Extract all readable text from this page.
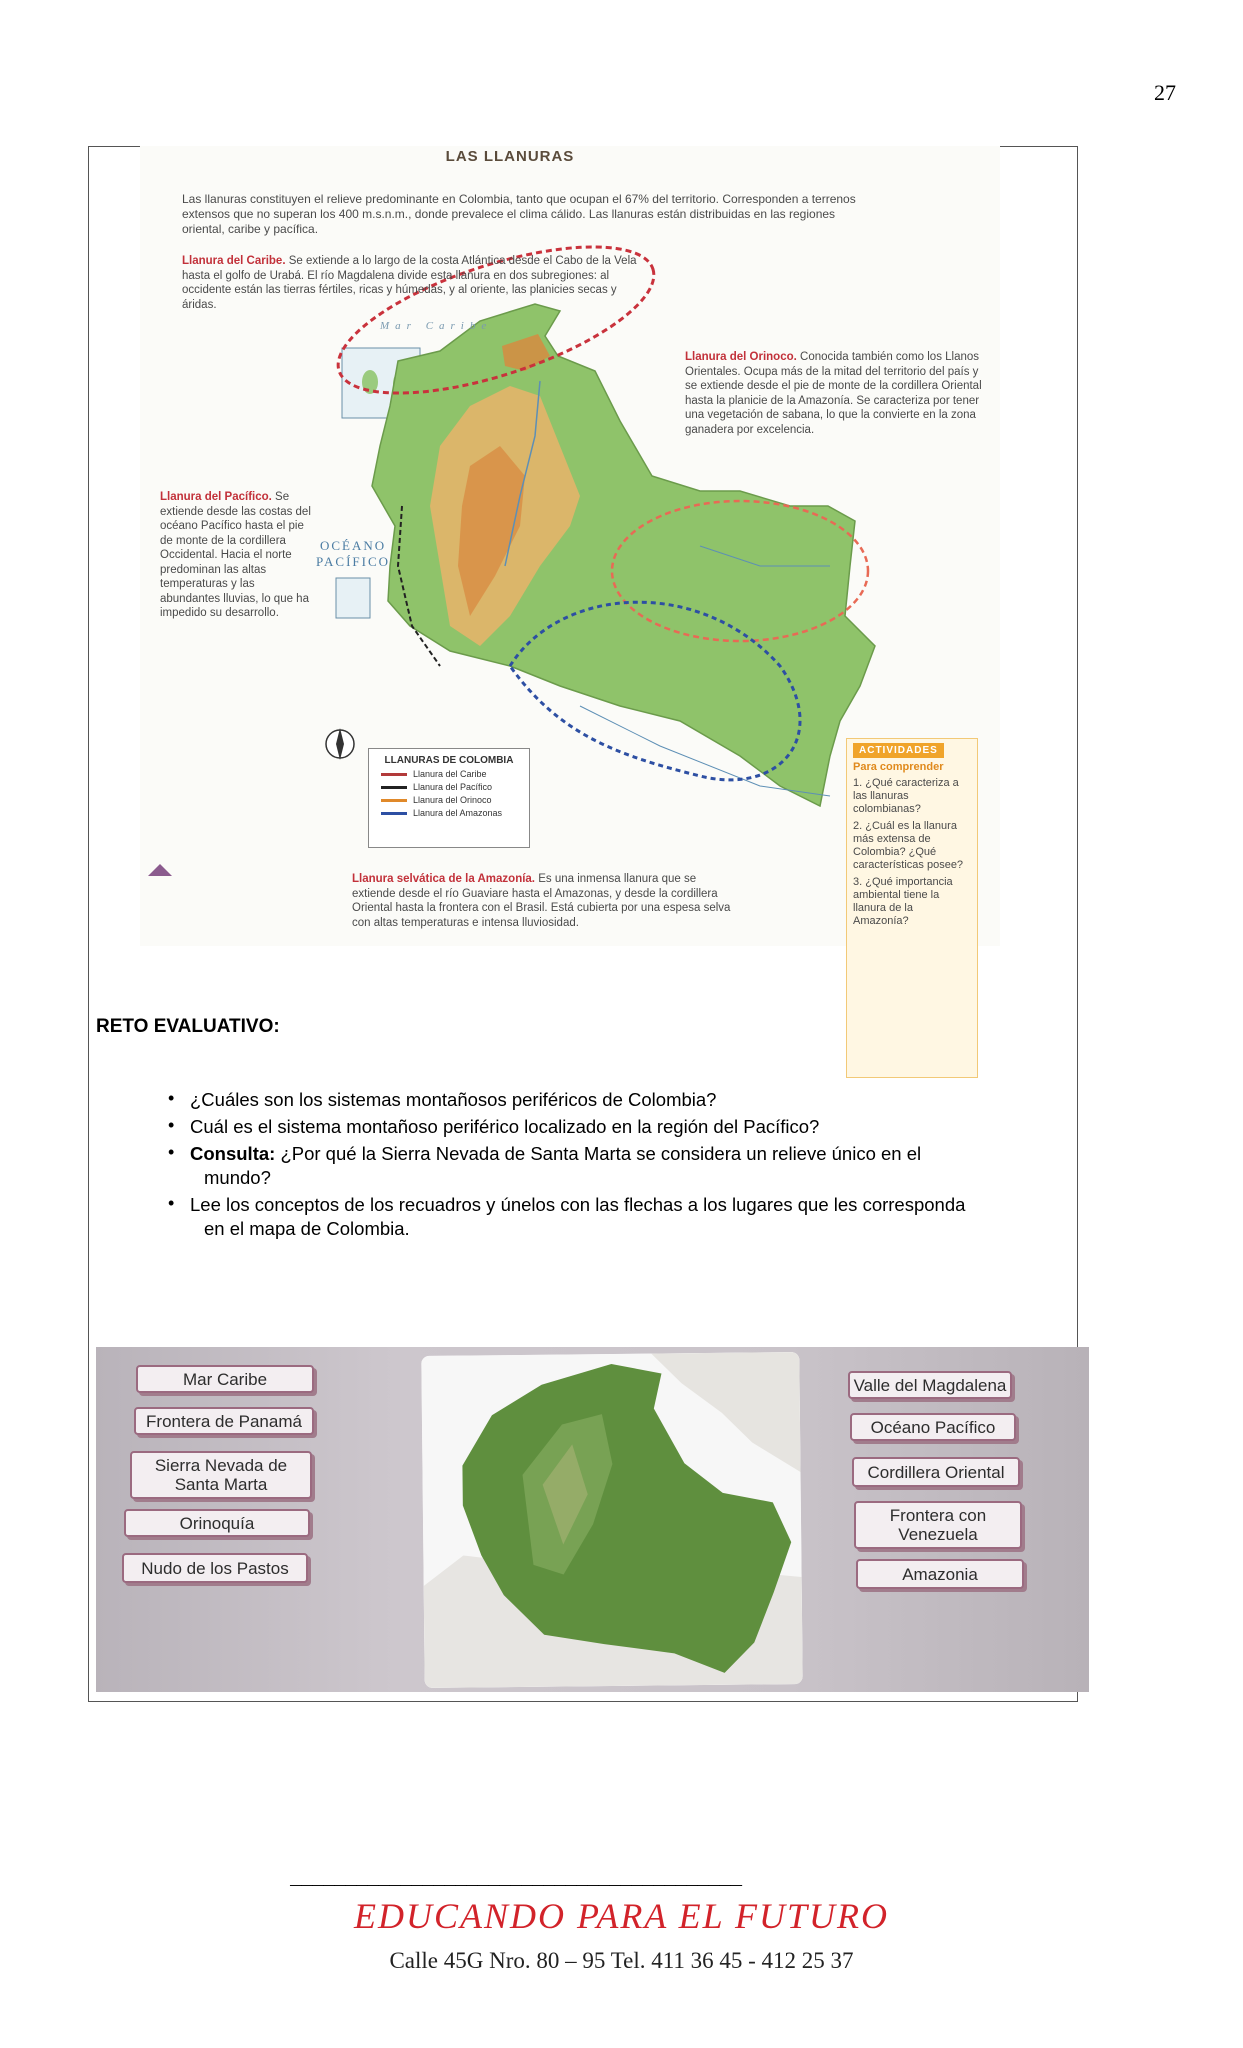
27
LAS LLANURAS
Las llanuras constituyen el relieve predominante en Colombia, tanto que ocupan el 67% del territorio. Corresponden a terrenos extensos que no superan los 400 m.s.n.m., donde prevalece el clima cálido. Las llanuras están distribuidas en las regiones oriental, caribe y pacífica.
Llanura del Caribe. Se extiende a lo largo de la costa Atlántica desde el Cabo de la Vela hasta el golfo de Urabá. El río Magdalena divide esta llanura en dos subregiones: al occidente están las tierras fértiles, ricas y húmedas, y al oriente, las planicies secas y áridas.
Mar Caribe
Llanura del Orinoco. Conocida también como los Llanos Orientales. Ocupa más de la mitad del territorio del país y se extiende desde el pie de monte de la cordillera Oriental hasta la planicie de la Amazonía. Se caracteriza por tener una vegetación de sabana, lo que la convierte en la zona ganadera por excelencia.
Llanura del Pacífico. Se extiende desde las costas del océano Pacífico hasta el pie de monte de la cordillera Occidental. Hacia el norte predominan las altas temperaturas y las abundantes lluvias, lo que ha impedido su desarrollo.
OCÉANO
PACÍFICO
LLANURAS DE COLOMBIA
Llanura del Caribe
Llanura del Pacífico
Llanura del Orinoco
Llanura del Amazonas
ACTIVIDADES
Para comprender
1. ¿Qué caracteriza a las llanuras colombianas?
2. ¿Cuál es la llanura más extensa de Colombia? ¿Qué características posee?
3. ¿Qué importancia ambiental tiene la llanura de la Amazonía?
Llanura selvática de la Amazonía. Es una inmensa llanura que se extiende desde el río Guaviare hasta el Amazonas, y desde la cordillera Oriental hasta la frontera con el Brasil. Está cubierta por una espesa selva con altas temperaturas e intensa lluviosidad.
RETO EVALUATIVO:
• ¿Cuáles son los sistemas montañosos periféricos de Colombia?
• Cuál es el sistema montañoso periférico localizado en la región del Pacífico?
• Consulta: ¿Por qué la Sierra Nevada de Santa Marta se considera un relieve único en el
mundo?
• Lee los conceptos de los recuadros y únelos con las flechas a los lugares que les corresponda
en el mapa de Colombia.
Mar Caribe
Frontera de Panamá
Sierra Nevada de Santa Marta
Orinoquía
Nudo de los Pastos
Valle del Magdalena
Océano Pacífico
Cordillera Oriental
Frontera con Venezuela
Amazonia
_________________________________________
EDUCANDO PARA EL FUTURO
Calle 45G Nro. 80 – 95 Tel. 411 36 45 - 412 25 37
